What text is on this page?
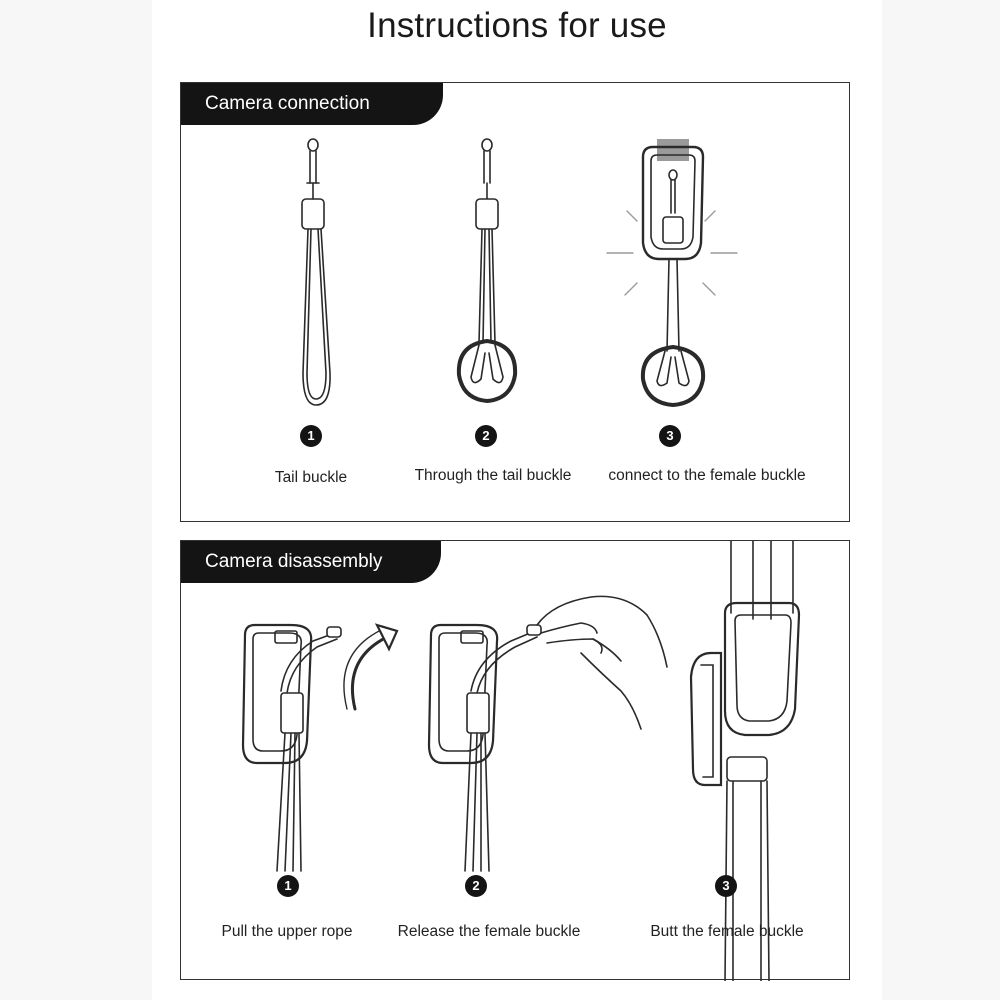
Instructions for use
Camera connection
1
Tail buckle
2
Through the tail buckle
3
connect to the female buckle
Camera disassembly
1
Pull the upper rope
2
Release the female buckle
3
Butt the female buckle
